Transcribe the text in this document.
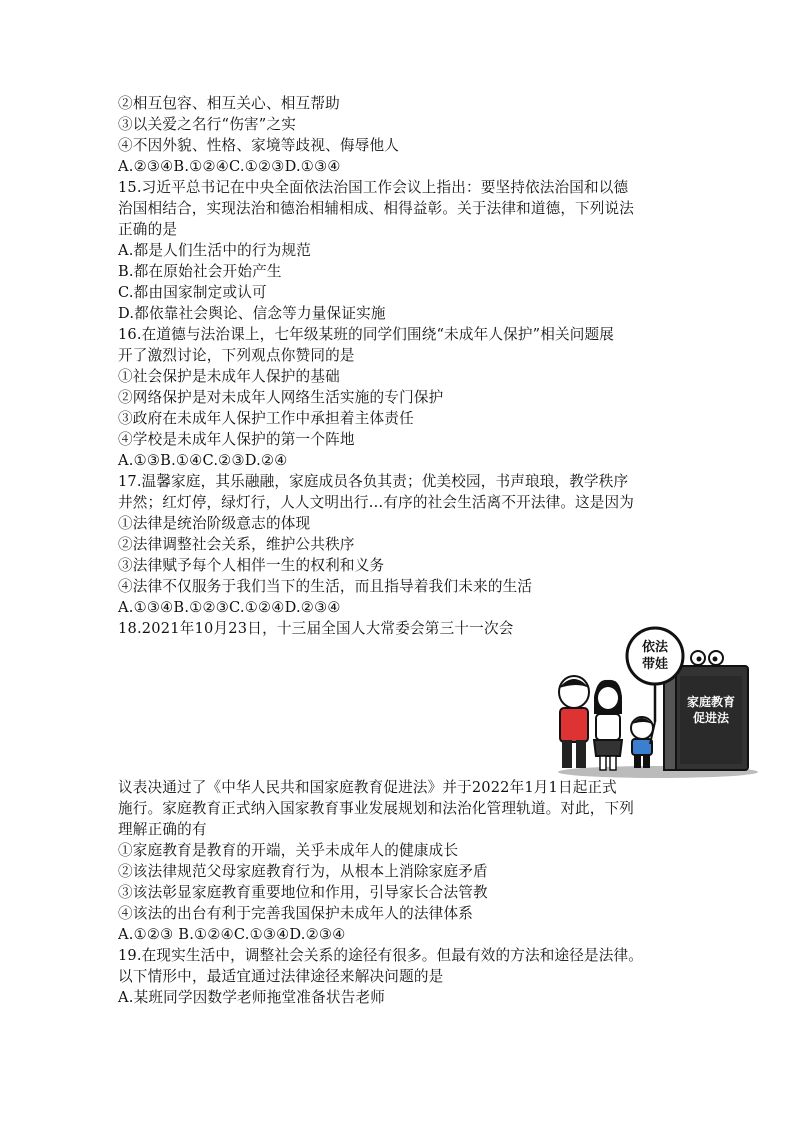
②相互包容、相互关心、相互帮助
③以关爱之名行“伤害”之实
④不因外貌、性格、家境等歧视、侮辱他人
A.②③④B.①②④C.①②③D.①③④
15.习近平总书记在中央全面依法治国工作会议上指出：要坚持依法治国和以德
治国相结合，实现法治和德治相辅相成、相得益彰。关于法律和道德，下列说法
正确的是
A.都是人们生活中的行为规范
B.都在原始社会开始产生
C.都由国家制定或认可
D.都依靠社会舆论、信念等力量保证实施
16.在道德与法治课上，七年级某班的同学们围绕“未成年人保护”相关问题展
开了激烈讨论，下列观点你赞同的是
①社会保护是未成年人保护的基础
②网络保护是对未成年人网络生活实施的专门保护
③政府在未成年人保护工作中承担着主体责任
④学校是未成年人保护的第一个阵地
A.①③B.①④C.②③D.②④
17.温馨家庭，其乐融融，家庭成员各负其责；优美校园，书声琅琅，教学秩序
井然；红灯停，绿灯行，人人文明出行…有序的社会生活离不开法律。这是因为
①法律是统治阶级意志的体现
②法律调整社会关系，维护公共秩序
③法律赋予每个人相伴一生的权利和义务
④法律不仅服务于我们当下的生活，而且指导着我们未来的生活
A.①③④B.①②③C.①②④D.②③④
18.2021年10月23日，十三届全国人大常委会第三十一次会
议表决通过了《中华人民共和国家庭教育促进法》并于2022年1月1日起正式
施行。家庭教育正式纳入国家教育事业发展规划和法治化管理轨道。对此，下列
理解正确的有
①家庭教育是教育的开端，关乎未成年人的健康成长
②该法律规范父母家庭教育行为，从根本上消除家庭矛盾
③该法彰显家庭教育重要地位和作用，引导家长合法管教
④该法的出台有利于完善我国保护未成年人的法律体系
A.①②③ B.①②④C.①③④D.②③④
19.在现实生活中，调整社会关系的途径有很多。但最有效的方法和途径是法律。
以下情形中，最适宜通过法律途径来解决问题的是
A.某班同学因数学老师拖堂准备状告老师
家庭教育
促进法
依法
带娃
